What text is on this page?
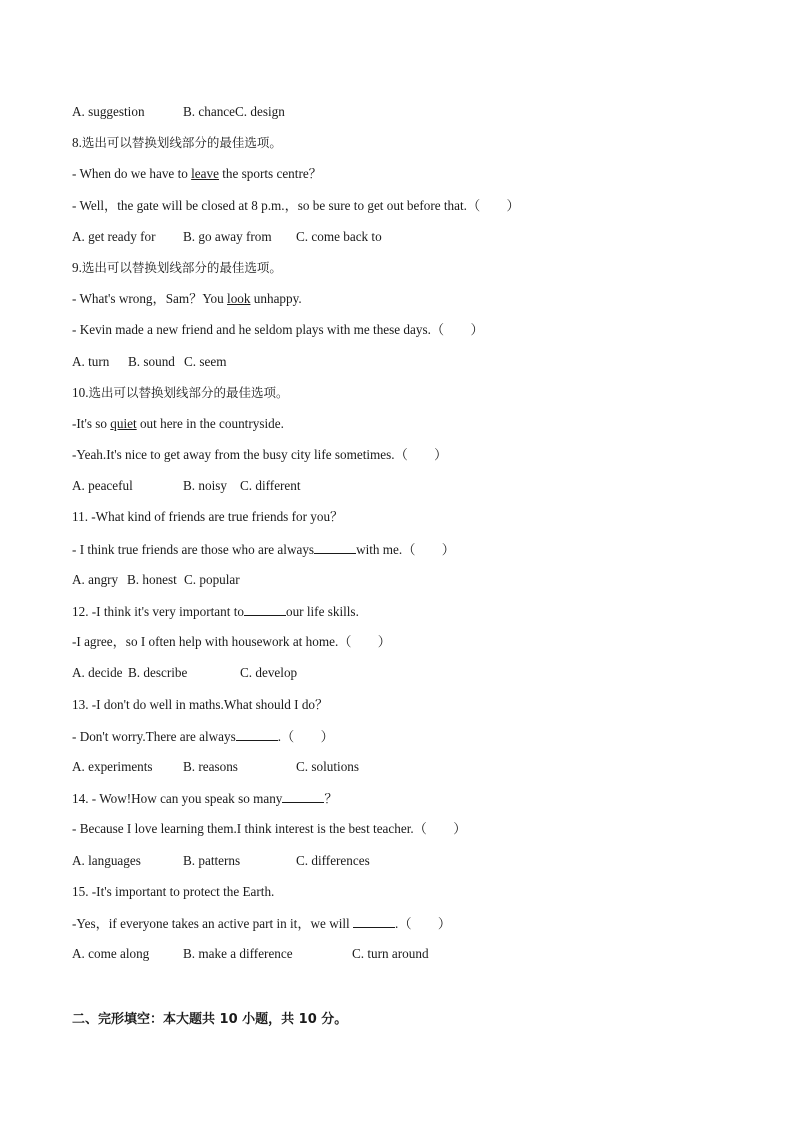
A. suggestion

	B. chanceC. design

8.选出可以替换划线部分的最佳选项。
- When do we have to leave the sports centre？
- Well，the gate will be closed at 8 p.m.，so be sure to get out before that.（        ）

A. get ready for

B. go away from

C. come back to

9.选出可以替换划线部分的最佳选项。
- What's wrong，Sam？You look unhappy.
- Kevin made a new friend and he seldom plays with me these days.（        ）

A. turn

B. sound

C. seem

10.选出可以替换划线部分的最佳选项。
-It's so quiet out here in the countryside.
-Yeah.It's nice to get away from the busy city life sometimes.（        ）

A. peaceful

	B. noisy

C. different

11. -What kind of friends are true friends for you？
- I think true friends are those who are always	with me.（        ）

A. angry

B. honest

C. popular

12. -I think it's very important to	our life skills.
-I agree，so I often help with housework at home.（        ）

A. decide

B. describe

	C. develop

13. -I don't do well in maths.What should I do？
- Don't worry.There are always	.（        ）

A. experiments

B. reasons

	C. solutions

14. - Wow!How can you speak so many	？
- Because I love learning them.I think interest is the best teacher.（        ）

A. languages

	B. patterns

	C. differences

15. -It's important to protect the Earth.
-Yes，if everyone takes an active part in it，we will	.（        ）

A. come along

	B. make a difference

	C. turn around

二、完形填空：本大题共 10 小题，共 10 分。
